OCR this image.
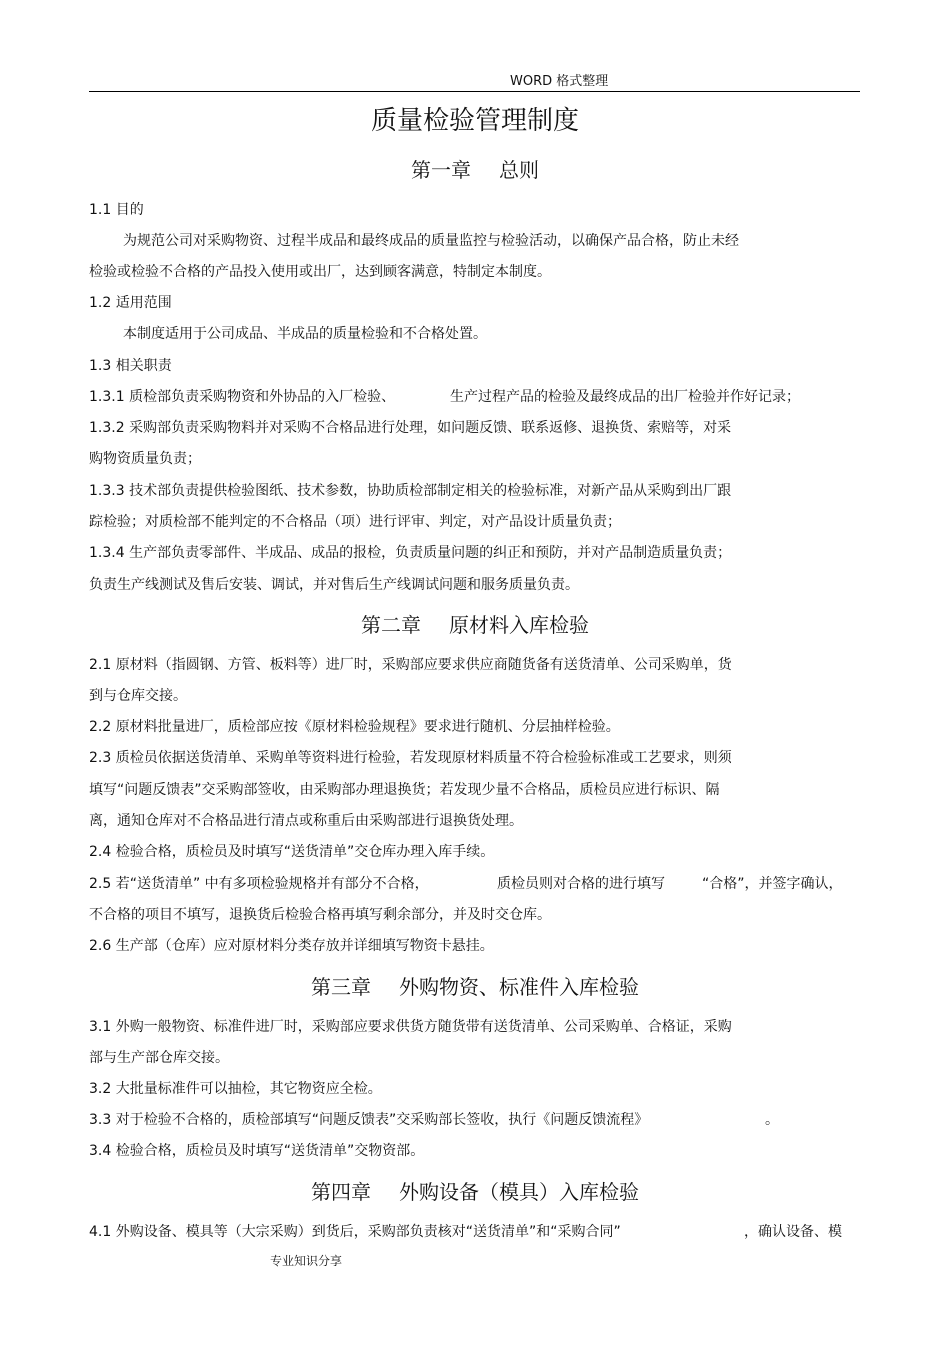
WORD 格式整理
质量检验管理制度
第一章 总则
1.1 目的
为规范公司对采购物资、过程半成品和最终成品的质量监控与检验活动，以确保产品合格，防止未经
检验或检验不合格的产品投入使用或出厂，达到顾客满意，特制定本制度。
1.2 适用范围
本制度适用于公司成品、半成品的质量检验和不合格处置。
1.3 相关职责
1.3.1 质检部负责采购物资和外协品的入厂检验、	生产过程产品的检验及最终成品的出厂检验并作好记录；
1.3.2 采购部负责采购物料并对采购不合格品进行处理，如问题反馈、联系返修、退换货、索赔等，对采
购物资质量负责；
1.3.3 技术部负责提供检验图纸、技术参数，协助质检部制定相关的检验标准，对新产品从采购到出厂跟
踪检验；对质检部不能判定的不合格品（项）进行评审、判定，对产品设计质量负责；
1.3.4 生产部负责零部件、半成品、成品的报检，负责质量问题的纠正和预防，并对产品制造质量负责；
负责生产线测试及售后安装、调试，并对售后生产线调试问题和服务质量负责。
第二章 原材料入库检验
2.1 原材料（指圆钢、方管、板料等）进厂时，采购部应要求供应商随货备有送货清单、公司采购单，货
到与仓库交接。
2.2 原材料批量进厂，质检部应按《原材料检验规程》要求进行随机、分层抽样检验。
2.3 质检员依据送货清单、采购单等资料进行检验，若发现原材料质量不符合检验标准或工艺要求，则须
填写“问题反馈表”交采购部签收，由采购部办理退换货；若发现少量不合格品，质检员应进行标识、隔
离，通知仓库对不合格品进行清点或称重后由采购部进行退换货处理。
2.4 检验合格，质检员及时填写“送货清单”交仓库办理入库手续。
2.5 若“送货清单” 中有多项检验规格并有部分不合格，	质检员则对合格的进行填写	“合格”，并签字确认，
不合格的项目不填写，退换货后检验合格再填写剩余部分，并及时交仓库。
2.6 生产部（仓库）应对原材料分类存放并详细填写物资卡悬挂。
第三章 外购物资、标准件入库检验
3.1 外购一般物资、标准件进厂时，采购部应要求供货方随货带有送货清单、公司采购单、合格证，采购
部与生产部仓库交接。
3.2 大批量标准件可以抽检，其它物资应全检。
3.3 对于检验不合格的，质检部填写“问题反馈表”交采购部长签收，执行《问题反馈流程》	。
3.4 检验合格，质检员及时填写“送货清单”交物资部。
第四章 外购设备（模具）入库检验
4.1 外购设备、模具等（大宗采购）到货后，采购部负责核对“送货清单”和“采购合同”	，确认设备、模
专业知识分享
